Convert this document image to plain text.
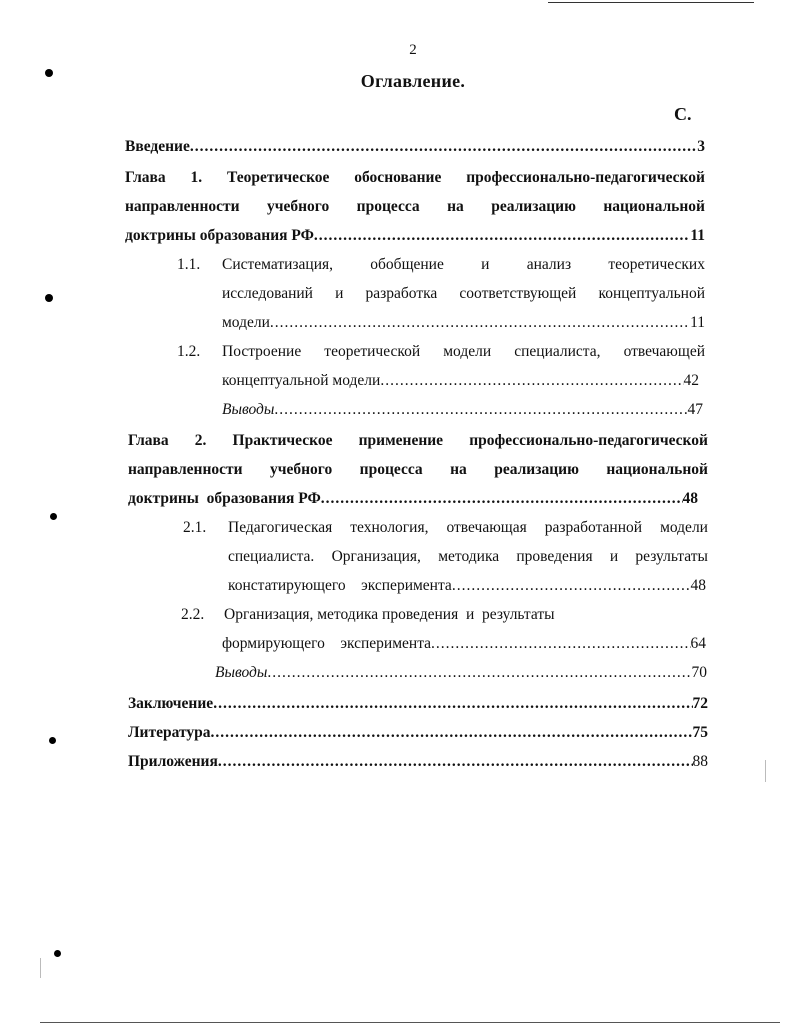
2
Оглавление.
С.
Введение .....	3
Глава 1. Теоретическое обоснование профессионально-педагогической
направленности учебного процесса на реализацию национальной
доктрины образования РФ .....	11
1.1. Систематизация, обобщение и анализ теоретических
исследований и разработка соответствующей концептуальной
модели .....	11
1.2. Построение теоретической модели специалиста, отвечающей
концептуальной модели .....	42
Выводы .....	47
Глава 2. Практическое применение профессионально-педагогической
направленности учебного процесса на реализацию национальной
доктрины  образования РФ .....	48
2.1. Педагогическая технология, отвечающая разработанной модели
специалиста. Организация, методика проведения и результаты
констатирующего    эксперимента .....	48
2.2. Организация, методика проведения  и  результаты
формирующего    эксперимента .....	64
Выводы .....	70
Заключение .....	72
Литература .....	75
Приложения .....	88
